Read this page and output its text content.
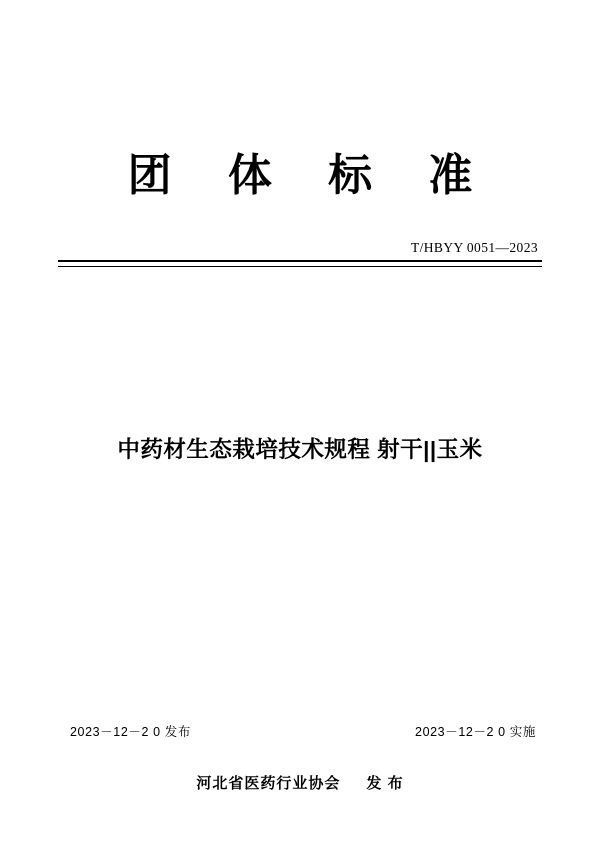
团 体 标 准
T/HBYY 0051—2023
中药材生态栽培技术规程 射干||玉米
2023－12－2 0 发布	2023－12－2 0 实施
河北省医药行业协会 发 布
